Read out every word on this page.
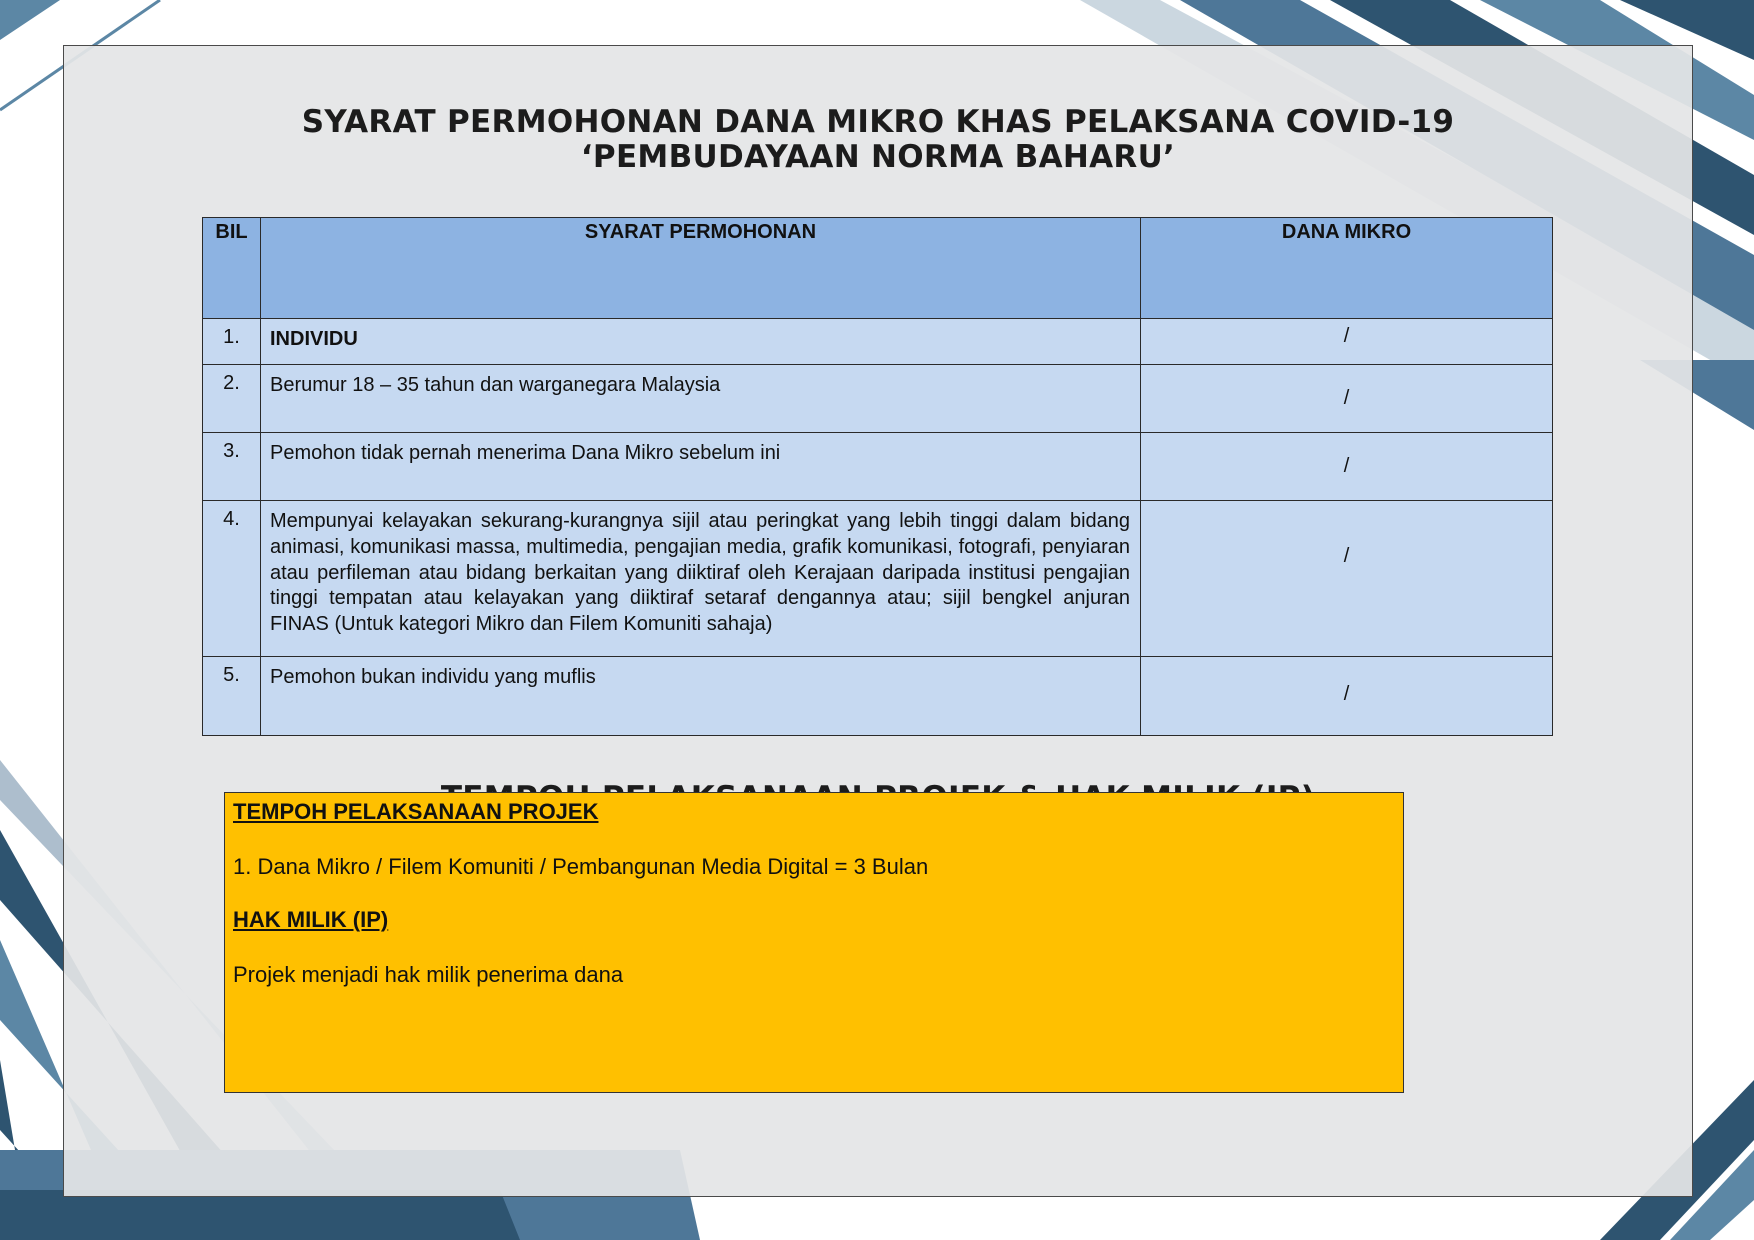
SYARAT PERMOHONAN DANA MIKRO KHAS PELAKSANA COVID-19
‘PEMBUDAYAAN NORMA BAHARU’
BIL	SYARAT PERMOHONAN	DANA MIKRO

1.	INDIVIDU	/

2.	Berumur 18 – 35 tahun dan warganegara Malaysia	/

3.	Pemohon tidak pernah menerima Dana Mikro sebelum ini	/

4.	Mempunyai kelayakan sekurang-kurangnya sijil atau peringkat yang lebih tinggi dalam bidang animasi, komunikasi massa, multimedia, pengajian media, grafik komunikasi, fotografi, penyiaran atau perfileman atau bidang berkaitan yang diiktiraf oleh Kerajaan daripada institusi pengajian tinggi tempatan atau kelayakan yang diiktiraf setaraf dengannya atau; sijil bengkel anjuran FINAS (Untuk kategori Mikro dan Filem Komuniti sahaja)	/

5.	Pemohon bukan individu yang muflis	/
TEMPOH PELAKSANAAN PROJEK
1. Dana Mikro / Filem Komuniti / Pembangunan Media Digital = 3 Bulan
HAK MILIK (IP)
Projek menjadi hak milik penerima dana
